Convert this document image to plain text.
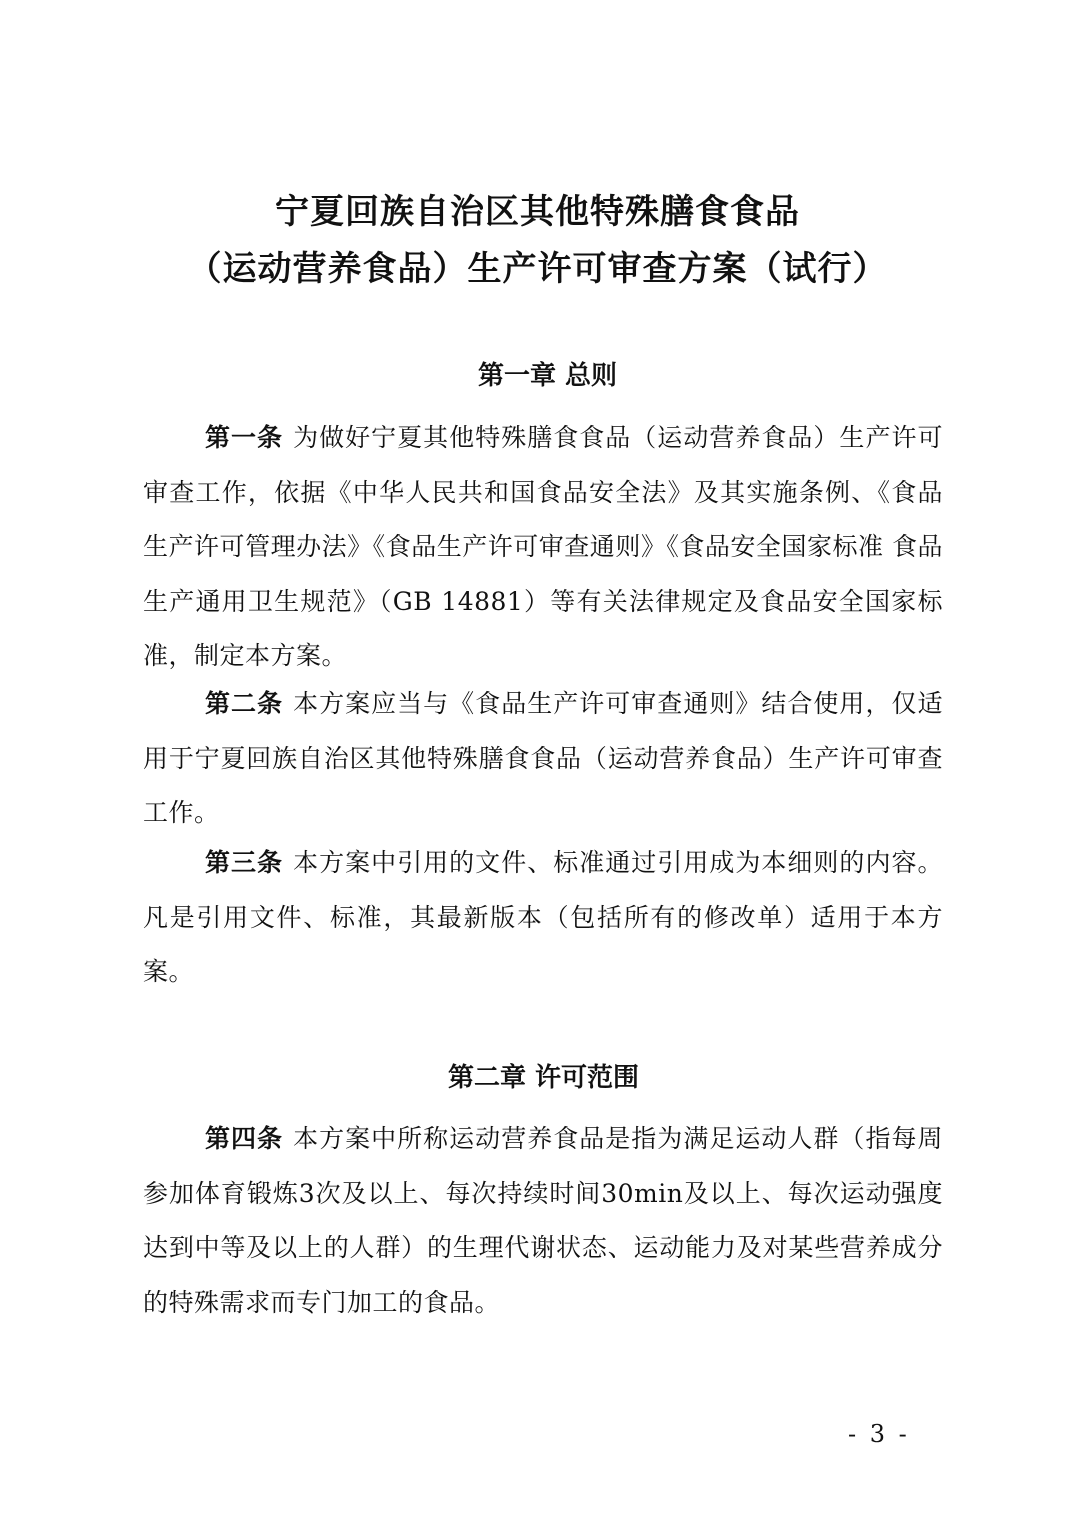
宁夏回族自治区其他特殊膳食食品
（运动营养食品）生产许可审查方案（试行）
第一章 总则

第一条 为做好宁夏其他特殊膳食食品（运动营养食品）生产许可审查工作，依据《中华人民共和国食品安全法》及其实施条例、《食品生产许可管理办法》《食品生产许可审查通则》《食品安全国家标准 食品生产通用卫生规范》（GB 14881）等有关法律规定及食品安全国家标准，制定本方案。

第二条 本方案应当与《食品生产许可审查通则》结合使用，仅适用于宁夏回族自治区其他特殊膳食食品（运动营养食品）生产许可审查工作。

第三条 本方案中引用的文件、标准通过引用成为本细则的内容。凡是引用文件、标准，其最新版本（包括所有的修改单）适用于本方案。

第二章 许可范围

第四条 本方案中所称运动营养食品是指为满足运动人群（指每周参加体育锻炼3次及以上、每次持续时间30min及以上、每次运动强度达到中等及以上的人群）的生理代谢状态、运动能力及对某些营养成分的特殊需求而专门加工的食品。

- 3 -
